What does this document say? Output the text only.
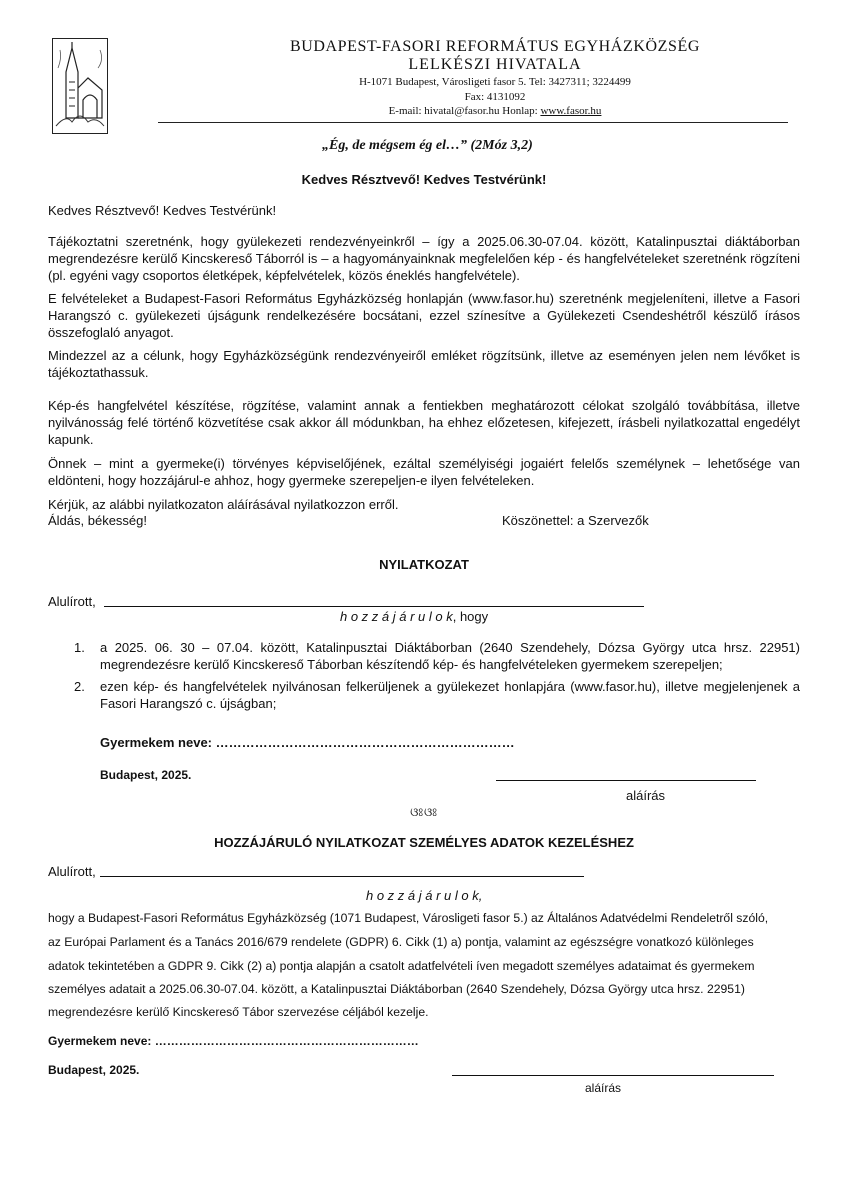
BUDAPEST-FASORI REFORMÁTUS EGYHÁZKÖZSÉG
LELKÉSZI HIVATALA
H-1071 Budapest, Városligeti fasor 5. Tel: 3427311; 3224499
Fax: 4131092
E-mail: hivatal@fasor.hu Honlap: www.fasor.hu
„Ég, de mégsem ég el…” (2Móz 3,2)
Kedves Résztvevő! Kedves Testvérünk!
Kedves Résztvevő! Kedves Testvérünk!
Tájékoztatni szeretnénk, hogy gyülekezeti rendezvényeinkről – így a 2025.06.30-07.04. között, Katalinpusztai diáktáborban megrendezésre kerülő Kincskereső Táborról is – a hagyományainknak megfelelően kép - és hangfelvételeket szeretnénk rögzíteni (pl. egyéni vagy csoportos életképek, képfelvételek, közös éneklés hangfelvétele).
E felvételeket a Budapest-Fasori Református Egyházközség honlapján (www.fasor.hu) szeretnénk megjeleníteni, illetve a Fasori Harangszó c. gyülekezeti újságunk rendelkezésére bocsátani, ezzel színesítve a Gyülekezeti Csendeshétről készülő írásos összefoglaló anyagot.
Mindezzel az a célunk, hogy Egyházközségünk rendezvényeiről emléket rögzítsünk, illetve az eseményen jelen nem lévőket is tájékoztathassuk.
Kép-és hangfelvétel készítése, rögzítése, valamint annak a fentiekben meghatározott célokat szolgáló továbbítása, illetve nyilvánosság felé történő közvetítése csak akkor áll módunkban, ha ehhez előzetesen, kifejezett, írásbeli nyilatkozattal engedélyt kapunk.
Önnek – mint a gyermeke(i) törvényes képviselőjének, ezáltal személyiségi jogaiért felelős személynek – lehetősége van eldönteni, hogy hozzájárul-e ahhoz, hogy gyermeke szerepeljen-e ilyen felvételeken.
Kérjük, az alábbi nyilatkozaton aláírásával nyilatkozzon erről.
Áldás, békesség!	Köszönettel: a Szervezők
NYILATKOZAT
Alulírott,
h o z z á j á r u l o k, hogy
1. a 2025. 06. 30 – 07.04. között, Katalinpusztai Diáktáborban (2640 Szendehely, Dózsa György utca hrsz. 22951) megrendezésre kerülő Kincskereső Táborban készítendő kép- és hangfelvételeken gyermekem szerepeljen;
2. ezen kép- és hangfelvételek nyilvánosan felkerüljenek a gyülekezet honlapjára (www.fasor.hu), illetve megjelenjenek a Fasori Harangszó c. újságban;
Gyermekem neve: ……………………………………………………………
Budapest, 2025.
aláírás
ଓଃଓଃ
HOZZÁJÁRULÓ NYILATKOZAT SZEMÉLYES ADATOK KEZELÉSHEZ
Alulírott,
h o z z á j á r u l o k,
hogy a Budapest-Fasori Református Egyházközség (1071 Budapest, Városligeti fasor 5.) az Általános Adatvédelmi Rendeletről szóló,
az Európai Parlament és a Tanács 2016/679 rendelete (GDPR) 6. Cikk (1) a) pontja, valamint az egészségre vonatkozó különleges
adatok tekintetében a GDPR 9. Cikk (2) a) pontja alapján a csatolt adatfelvételi íven megadott személyes adataimat és gyermekem
személyes adatait a 2025.06.30-07.04. között, a Katalinpusztai Diáktáborban (2640 Szendehely, Dózsa György utca hrsz. 22951)
megrendezésre kerülő Kincskereső Tábor szervezése céljából kezelje.
Gyermekem neve: …………………………………………………………
Budapest, 2025.
aláírás
